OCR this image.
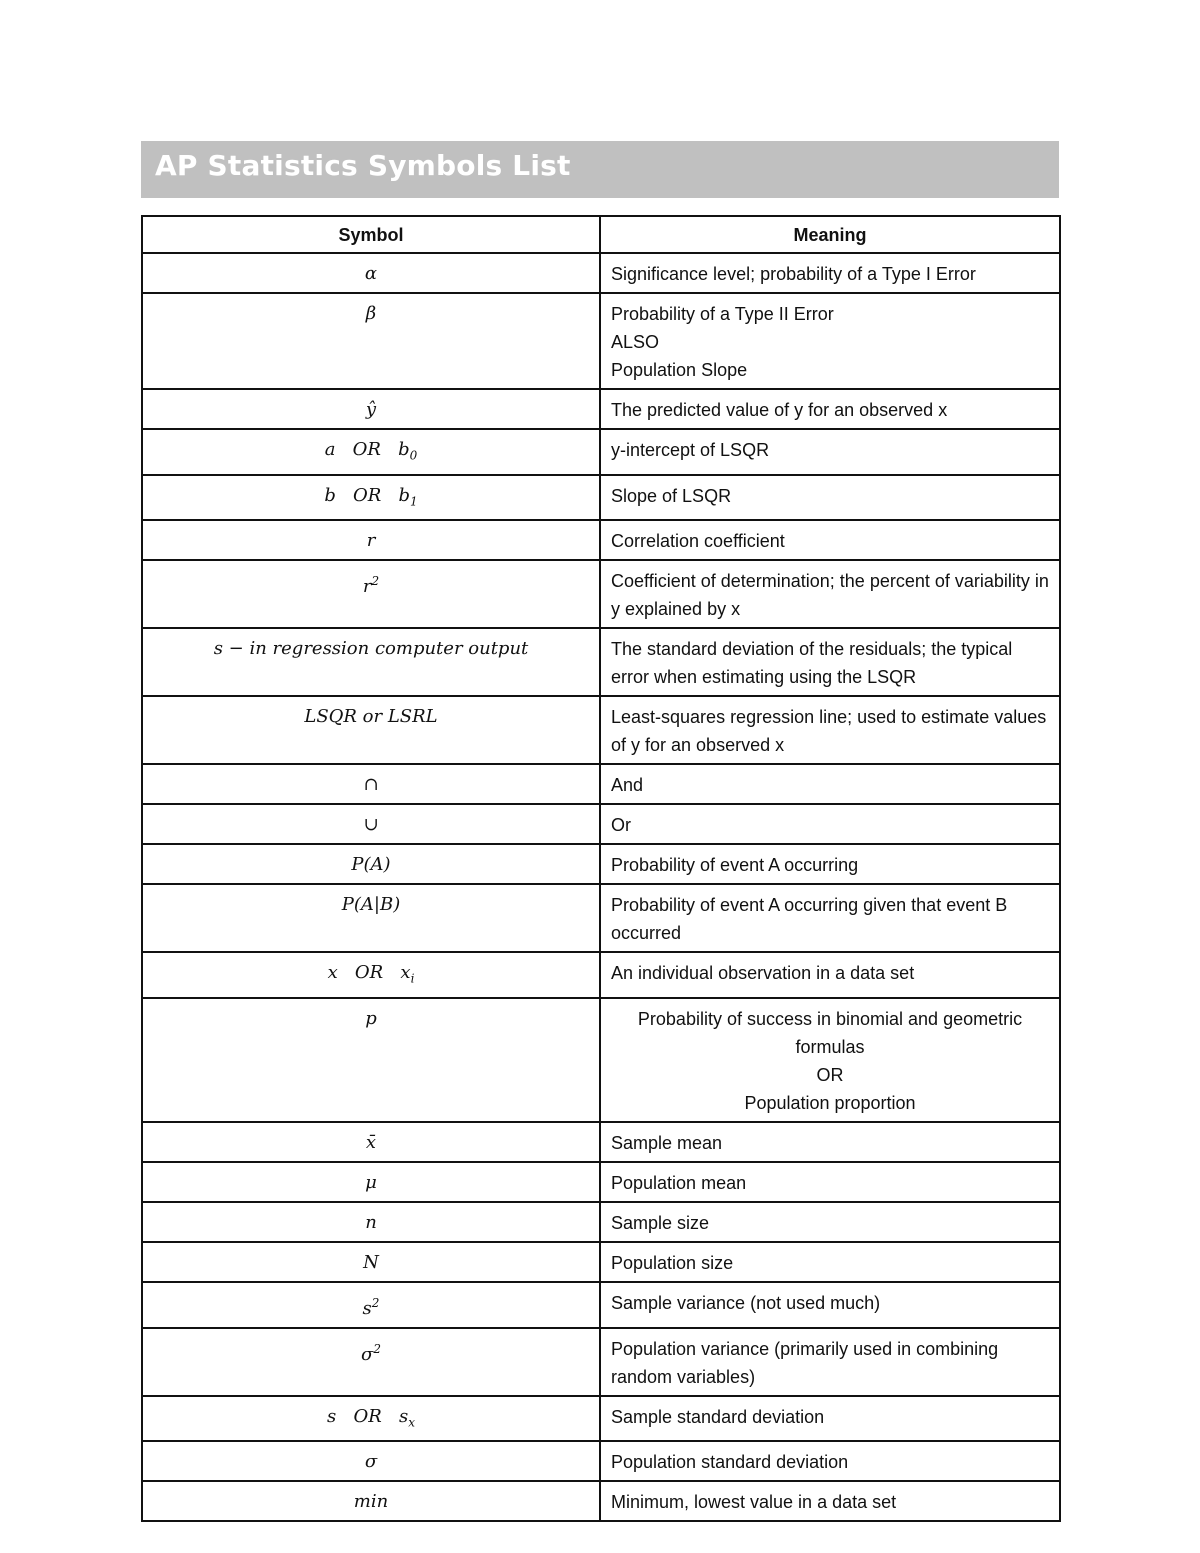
AP Statistics Symbols List
Symbol	Meaning
α	Significance level; probability of a Type I Error

β	Probability of a Type II Error
ALSO
Population Slope

ŷ	The predicted value of y for an observed x

a OR $b_0$	y-intercept of LSQR

b OR $b_1$	Slope of LSQR

r	Correlation coefficient

$r^2$	Coefficient of determination; the percent of variability in y explained by x

s − in regression computer output	The standard deviation of the residuals; the typical error when estimating using the LSQR

LSQR or LSRL	Least-squares regression line; used to estimate values of y for an observed x

∩	And

∪	Or

P(A)	Probability of event A occurring

P(A|B)	Probability of event A occurring given that event B occurred

x OR $x_i$	An individual observation in a data set

p	Probability of success in binomial and geometric formulas
OR
Population proportion

x̄	Sample mean

μ	Population mean

n	Sample size

N	Population size

$s^2$	Sample variance (not used much)

$\sigma^2$	Population variance (primarily used in combining random variables)

s OR $s_x$	Sample standard deviation

σ	Population standard deviation

min	Minimum, lowest value in a data set
